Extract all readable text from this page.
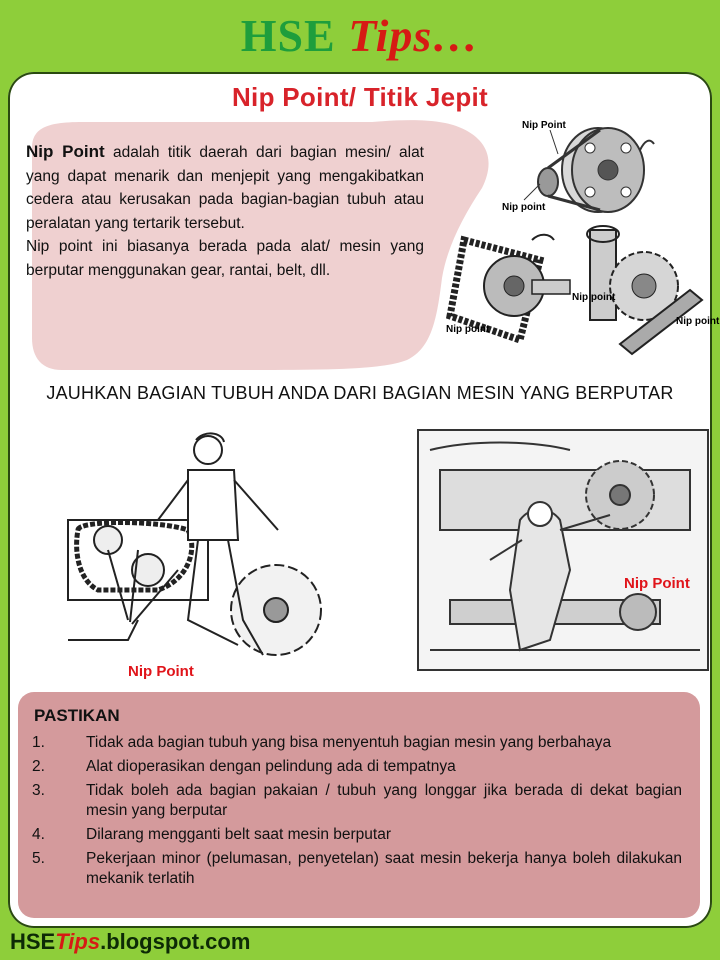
HSE Tips…
Nip Point/ Titik Jepit

Nip Point adalah titik daerah dari bagian mesin/ alat yang dapat menarik dan menjepit yang mengakibatkan cedera atau kerusakan pada bagian-bagian tubuh atau peralatan yang tertarik tersebut.

Nip point ini biasanya berada pada alat/ mesin yang berputar menggunakan gear, rantai, belt, dll.

Nip Point
Nip point
Nip point
Nip point
Nip point
JAUHKAN BAGIAN TUBUH ANDA DARI BAGIAN MESIN YANG BERPUTAR
Nip Point
Nip Point
PASTIKAN
1.	Tidak ada bagian tubuh yang bisa menyentuh bagian mesin yang berbahaya
2.	Alat dioperasikan dengan pelindung ada di tempatnya
3.	Tidak boleh ada bagian pakaian / tubuh yang longgar jika berada di dekat bagian mesin yang berputar
4.	Dilarang mengganti belt saat mesin berputar
5.	Pekerjaan minor (pelumasan, penyetelan) saat mesin bekerja hanya boleh dilakukan mekanik terlatih
HSETips.blogspot.com
